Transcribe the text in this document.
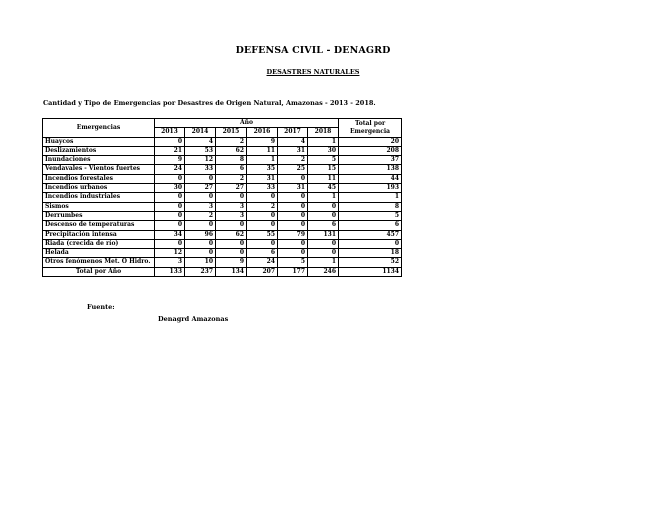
DEFENSA CIVIL - DENAGRD
DESASTRES NATURALES
Cantidad y Tipo de Emergencias por Desastres de Origen Natural, Amazonas - 2013 - 2018.
Emergencias	Año						Total por Emergencia
	2013	2014	2015	2016	2017	2018	
Huaycos	0	4	2	9	4	1	20
Deslizamientos	21	53	62	11	31	30	208
Inundaciones	9	12	8	1	2	5	37
Vendavales - Vientos fuertes	24	33	6	35	25	15	138
Incendios forestales	0	0	2	31	0	11	44
Incendios urbanos	30	27	27	33	31	45	193
Incendios industriales	0	0	0	0	0	1	1
Sismos	0	3	3	2	0	0	8
Derrumbes	0	2	3	0	0	0	5
Descenso de temperaturas	0	0	0	0	0	6	6
Precipitación intensa	34	96	62	55	79	131	457
Riada (crecida de río)	0	0	0	0	0	0	0
Helada	12	0	0	6	0	0	18
Otros fenómenos Met. O Hidro.	3	10	9	24	5	1	52
Total por Año	133	237	134	207	177	246	1134
Fuente:
Denagrd Amazonas
